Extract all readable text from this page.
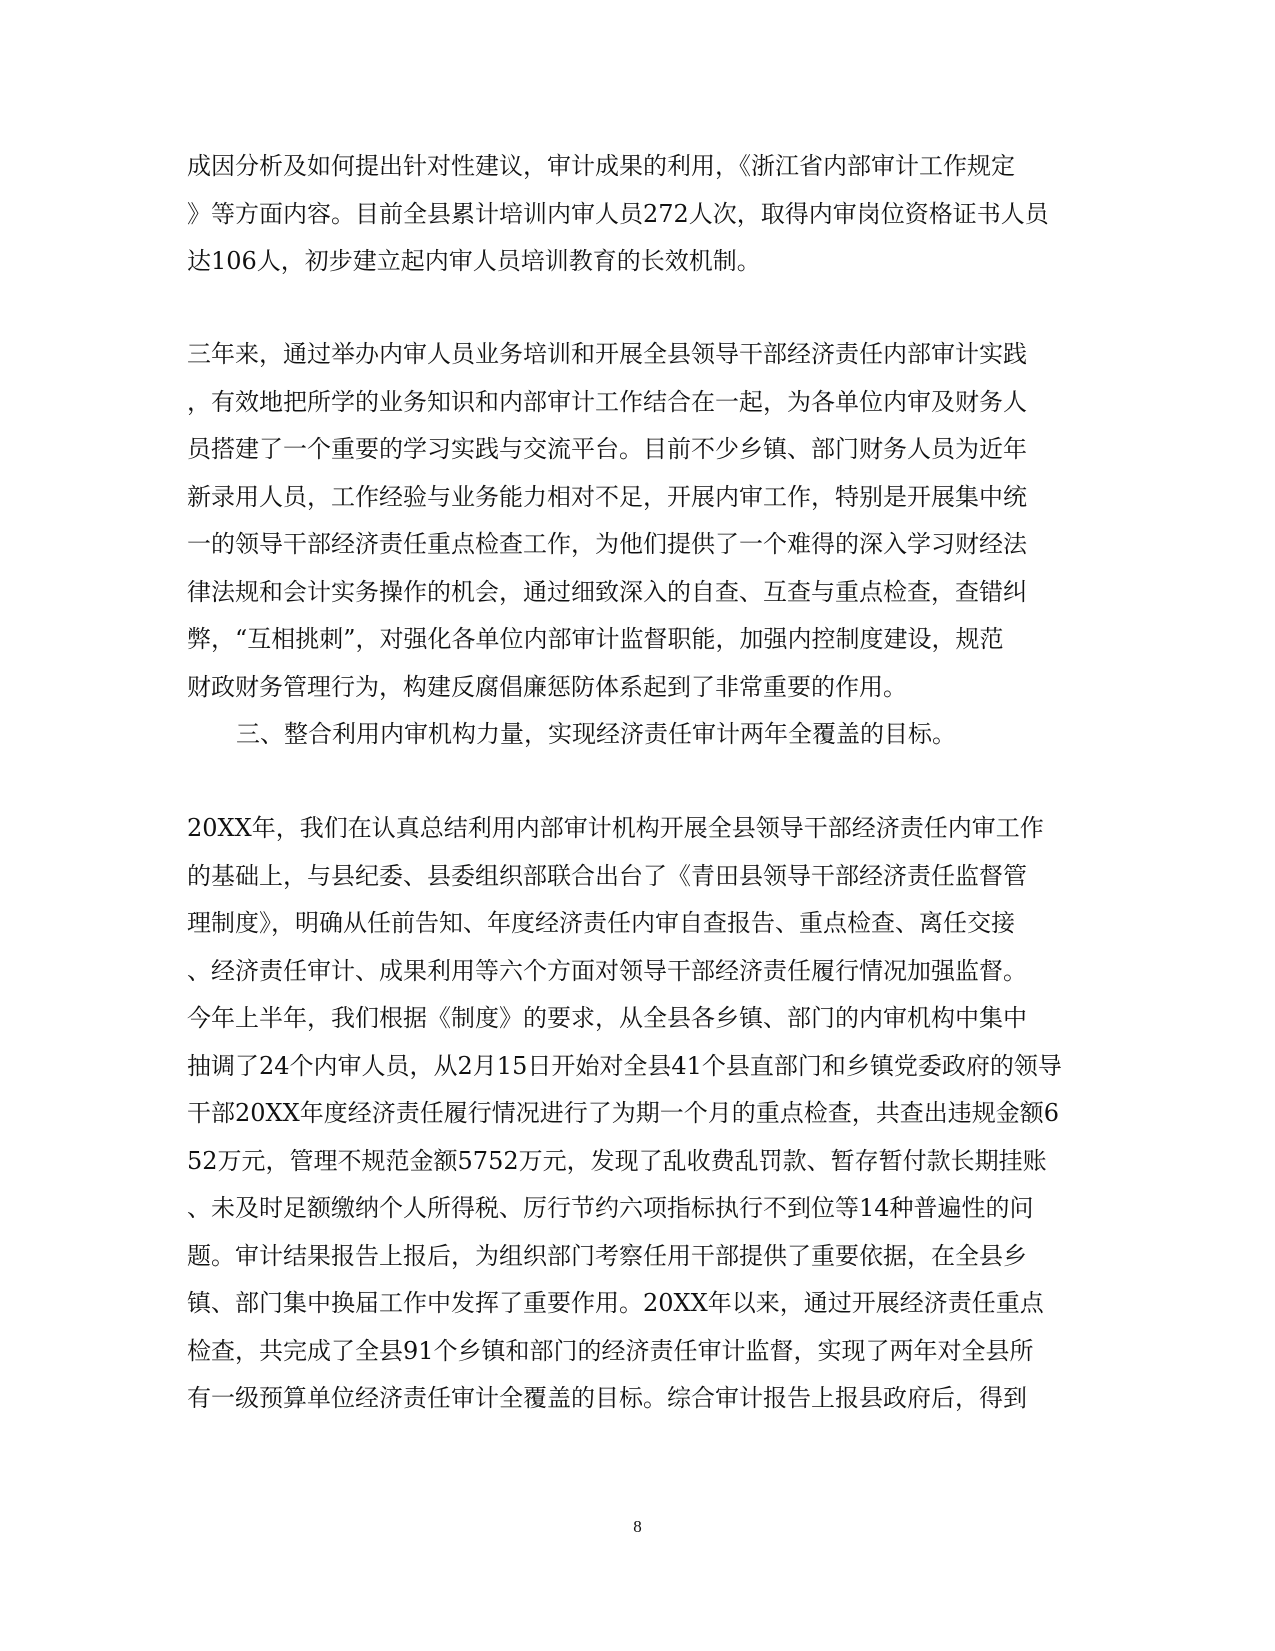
成因分析及如何提出针对性建议，审计成果的利用，《浙江省内部审计工作规定
》等方面内容。目前全县累计培训内审人员272人次，取得内审岗位资格证书人员
达106人，初步建立起内审人员培训教育的长效机制。
三年来，通过举办内审人员业务培训和开展全县领导干部经济责任内部审计实践
，有效地把所学的业务知识和内部审计工作结合在一起，为各单位内审及财务人
员搭建了一个重要的学习实践与交流平台。目前不少乡镇、部门财务人员为近年
新录用人员，工作经验与业务能力相对不足，开展内审工作，特别是开展集中统
一的领导干部经济责任重点检查工作，为他们提供了一个难得的深入学习财经法
律法规和会计实务操作的机会，通过细致深入的自查、互查与重点检查，查错纠
弊，“互相挑刺”，对强化各单位内部审计监督职能，加强内控制度建设，规范
财政财务管理行为，构建反腐倡廉惩防体系起到了非常重要的作用。
三、整合利用内审机构力量，实现经济责任审计两年全覆盖的目标。
20XX年，我们在认真总结利用内部审计机构开展全县领导干部经济责任内审工作
的基础上，与县纪委、县委组织部联合出台了《青田县领导干部经济责任监督管
理制度》，明确从任前告知、年度经济责任内审自查报告、重点检查、离任交接
、经济责任审计、成果利用等六个方面对领导干部经济责任履行情况加强监督。
今年上半年，我们根据《制度》的要求，从全县各乡镇、部门的内审机构中集中
抽调了24个内审人员，从2月15日开始对全县41个县直部门和乡镇党委政府的领导
干部20XX年度经济责任履行情况进行了为期一个月的重点检查，共查出违规金额6
52万元，管理不规范金额5752万元，发现了乱收费乱罚款、暂存暂付款长期挂账
、未及时足额缴纳个人所得税、厉行节约六项指标执行不到位等14种普遍性的问
题。审计结果报告上报后，为组织部门考察任用干部提供了重要依据，在全县乡
镇、部门集中换届工作中发挥了重要作用。20XX年以来，通过开展经济责任重点
检查，共完成了全县91个乡镇和部门的经济责任审计监督，实现了两年对全县所
有一级预算单位经济责任审计全覆盖的目标。综合审计报告上报县政府后，得到
8
